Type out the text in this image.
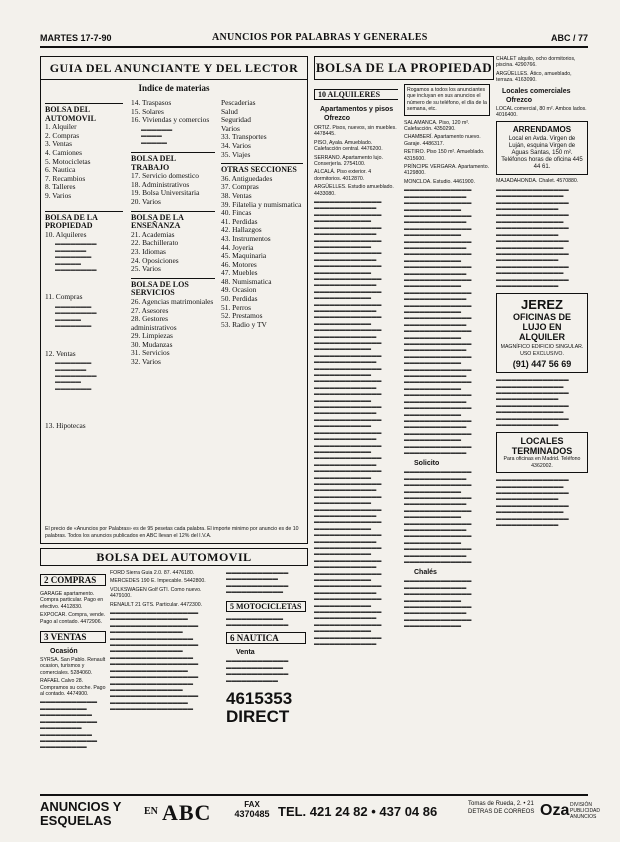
MARTES 17-7-90	ANUNCIOS POR PALABRAS Y GENERALES	ABC / 77
GUIA DEL ANUNCIANTE Y DEL LECTOR
Indice de materias
BOLSA DEL AUTOMOVIL
1. Alquiler
2. Compras
3. Ventas
4. Camiones
5. Motocicletas
6. Nautica
7. Recambios
8. Talleres
9. Varios
BOLSA DE LA PROPIEDAD
10. Alquileres
▬▬▬▬▬▬▬▬
▬▬▬▬▬▬
▬▬▬▬▬▬▬
▬▬▬▬▬
▬▬▬▬▬▬▬▬
11. Compras
▬▬▬▬▬▬▬
▬▬▬▬▬▬▬▬
▬▬▬▬▬
▬▬▬▬▬▬▬
12. Ventas
▬▬▬▬▬▬▬
▬▬▬▬▬▬
▬▬▬▬▬▬▬▬
▬▬▬▬▬
▬▬▬▬▬▬▬
13. Hipotecas
14. Traspasos
15. Solares
16. Viviendas y comercios
▬▬▬▬▬▬
▬▬▬▬
▬▬▬▬▬
BOLSA DEL TRABAJO
17. Servicio domestico
18. Administrativos
19. Bolsa Universitaria
20. Varios
BOLSA DE LA ENSEÑANZA
21. Academias
22. Bachillerato
23. Idiomas
24. Oposiciones
25. Varios
BOLSA DE LOS SERVICIOS
26. Agencias matrimoniales
27. Asesores
28. Gestores administrativos
29. Limpiezas
30. Mudanzas
31. Servicios
32. Varios
Pescaderias
Salud
Seguridad
Varios
33. Transportes
34. Varios
35. Viajes
OTRAS SECCIONES
36. Antiguedades
37. Compras
38. Ventas
39. Filatelia y numismatica
40. Fincas
41. Perdidas
42. Hallazgos
43. Instrumentos
44. Joyeria
45. Maquinaria
46. Motores
47. Muebles
48. Numismatica
49. Ocasion
50. Perdidas
51. Perros
52. Prestamos
53. Radio y TV
El precio de «Anuncios por Palabras» es de 95 pesetas cada palabra. El importe minimo por anuncio es de 10 palabras. Todos los anuncios publicados en ABC llevan el 12% del I.V.A.
BOLSA DEL AUTOMOVIL
2 COMPRAS
GARAGE apartamento. Compra particular. Pago en efectivo. 4412830.
EXPOCAR. Compra, vende. Pago al contado. 4472906.
3 VENTAS
Ocasión
SYRSA. San Pablo. Renault ocasion, turismos y comerciales. 5284060.
RAFAEL Calvo 28. Compramos su coche. Pago al contado. 4474900.
▬▬▬▬▬▬▬▬▬▬▬
▬▬▬▬▬▬▬▬▬
▬▬▬▬▬▬▬▬▬▬
▬▬▬▬▬▬▬▬▬▬▬
▬▬▬▬▬▬▬▬
▬▬▬▬▬▬▬▬▬▬
▬▬▬▬▬▬▬▬▬▬▬
▬▬▬▬▬▬▬▬▬
FORD Sierra Guia 2.0. 87. 4476180.
MERCEDES 190 E. Impecable. 5442800.
VOLKSWAGEN Golf GTI. Como nuevo. 4479100.
RENAULT 21 GTS. Particular. 4472300.
▬▬▬▬▬▬▬▬▬▬▬▬▬▬▬▬▬
▬▬▬▬▬▬▬▬▬▬▬▬▬▬▬
▬▬▬▬▬▬▬▬▬▬▬▬▬▬▬▬▬
▬▬▬▬▬▬▬▬▬▬▬▬▬▬
▬▬▬▬▬▬▬▬▬▬▬▬▬▬▬▬
▬▬▬▬▬▬▬▬▬▬▬▬▬▬▬▬▬
▬▬▬▬▬▬▬▬▬▬▬▬▬▬
▬▬▬▬▬▬▬▬▬▬▬▬▬▬▬▬
▬▬▬▬▬▬▬▬▬▬▬▬▬▬▬▬▬
▬▬▬▬▬▬▬▬▬▬▬▬▬▬▬
▬▬▬▬▬▬▬▬▬▬▬▬▬▬▬▬▬
▬▬▬▬▬▬▬▬▬▬▬▬▬▬▬▬
▬▬▬▬▬▬▬▬▬▬▬▬▬▬
▬▬▬▬▬▬▬▬▬▬▬▬▬▬▬▬▬
▬▬▬▬▬▬▬▬▬▬▬▬▬▬▬
▬▬▬▬▬▬▬▬▬▬▬▬▬▬▬▬
▬▬▬▬▬▬▬▬▬▬▬▬
▬▬▬▬▬▬▬▬▬▬
▬▬▬▬▬▬▬▬▬▬▬▬
▬▬▬▬▬▬▬▬▬▬▬
5 MOTOCICLETAS
▬▬▬▬▬▬▬▬▬▬▬
▬▬▬▬▬▬▬▬▬▬▬▬
6 NAUTICA
Venta
▬▬▬▬▬▬▬▬▬▬▬▬
▬▬▬▬▬▬▬▬▬▬▬
▬▬▬▬▬▬▬▬▬▬▬▬
▬▬▬▬▬▬▬▬▬▬
4615353
DIRECT
BOLSA DE LA PROPIEDAD
10 ALQUILERES
Apartamentos y pisos
Ofrezco
ORTIZ. Pisos, nuevos, sin muebles. 4478445.
PISO, Ayala. Amueblado. Calefacción central. 4476200.
SERRANO. Apartamento lujo. Conserjería. 2754100.
ALCALÁ. Piso exterior. 4 dormitorios. 4012870.
ARGÜELLES. Estudio amueblado. 4433080.
▬▬▬▬▬▬▬▬▬▬▬▬▬
▬▬▬▬▬▬▬▬▬▬▬▬
▬▬▬▬▬▬▬▬▬▬▬▬▬
▬▬▬▬▬▬▬▬▬▬▬
▬▬▬▬▬▬▬▬▬▬▬▬▬
▬▬▬▬▬▬▬▬▬▬▬▬
▬▬▬▬▬▬▬▬▬▬▬▬▬
▬▬▬▬▬▬▬▬▬▬▬
▬▬▬▬▬▬▬▬▬▬▬▬▬
▬▬▬▬▬▬▬▬▬▬▬▬
▬▬▬▬▬▬▬▬▬▬▬▬▬
▬▬▬▬▬▬▬▬▬▬▬
▬▬▬▬▬▬▬▬▬▬▬▬▬
▬▬▬▬▬▬▬▬▬▬▬▬
▬▬▬▬▬▬▬▬▬▬▬▬▬
▬▬▬▬▬▬▬▬▬▬▬
▬▬▬▬▬▬▬▬▬▬▬▬▬
▬▬▬▬▬▬▬▬▬▬▬▬
▬▬▬▬▬▬▬▬▬▬▬▬▬
▬▬▬▬▬▬▬▬▬▬▬
▬▬▬▬▬▬▬▬▬▬▬▬▬
▬▬▬▬▬▬▬▬▬▬▬▬
▬▬▬▬▬▬▬▬▬▬▬▬▬
▬▬▬▬▬▬▬▬▬▬▬
▬▬▬▬▬▬▬▬▬▬▬▬▬
▬▬▬▬▬▬▬▬▬▬▬▬
▬▬▬▬▬▬▬▬▬▬▬▬▬
▬▬▬▬▬▬▬▬▬▬▬
▬▬▬▬▬▬▬▬▬▬▬▬▬
▬▬▬▬▬▬▬▬▬▬▬▬
▬▬▬▬▬▬▬▬▬▬▬▬▬
▬▬▬▬▬▬▬▬▬▬▬
▬▬▬▬▬▬▬▬▬▬▬▬▬
▬▬▬▬▬▬▬▬▬▬▬▬
▬▬▬▬▬▬▬▬▬▬▬▬▬
▬▬▬▬▬▬▬▬▬▬▬
▬▬▬▬▬▬▬▬▬▬▬▬▬
▬▬▬▬▬▬▬▬▬▬▬▬
▬▬▬▬▬▬▬▬▬▬▬▬▬
▬▬▬▬▬▬▬▬▬▬▬
▬▬▬▬▬▬▬▬▬▬▬▬▬
▬▬▬▬▬▬▬▬▬▬▬▬
▬▬▬▬▬▬▬▬▬▬▬▬▬
▬▬▬▬▬▬▬▬▬▬▬
▬▬▬▬▬▬▬▬▬▬▬▬▬
▬▬▬▬▬▬▬▬▬▬▬▬
▬▬▬▬▬▬▬▬▬▬▬▬▬
▬▬▬▬▬▬▬▬▬▬▬
▬▬▬▬▬▬▬▬▬▬▬▬▬
▬▬▬▬▬▬▬▬▬▬▬▬
▬▬▬▬▬▬▬▬▬▬▬▬▬
▬▬▬▬▬▬▬▬▬▬▬
▬▬▬▬▬▬▬▬▬▬▬▬▬
▬▬▬▬▬▬▬▬▬▬▬▬
▬▬▬▬▬▬▬▬▬▬▬▬▬
▬▬▬▬▬▬▬▬▬▬▬
▬▬▬▬▬▬▬▬▬▬▬▬▬
▬▬▬▬▬▬▬▬▬▬▬▬
▬▬▬▬▬▬▬▬▬▬▬▬▬
▬▬▬▬▬▬▬▬▬▬▬
▬▬▬▬▬▬▬▬▬▬▬▬▬
▬▬▬▬▬▬▬▬▬▬▬▬
▬▬▬▬▬▬▬▬▬▬▬▬▬
▬▬▬▬▬▬▬▬▬▬▬
▬▬▬▬▬▬▬▬▬▬▬▬▬
▬▬▬▬▬▬▬▬▬▬▬▬
▬▬▬▬▬▬▬▬▬▬▬▬▬
▬▬▬▬▬▬▬▬▬▬▬
▬▬▬▬▬▬▬▬▬▬▬▬▬
▬▬▬▬▬▬▬▬▬▬▬▬
Rogamos a todos los anunciantes que incluyan en sus anuncios el número de su teléfono, el día de la semana, etc.
SALAMANCA. Piso, 120 m². Calefacción. 4350290.
CHAMBERÍ. Apartamento nuevo. Garaje. 4486317.
RETIRO. Piso 150 m². Amueblado. 4315600.
PRÍNCIPE VERGARA. Apartamento. 4129800.
MONCLOA. Estudio. 4461900.
▬▬▬▬▬▬▬▬▬▬▬▬▬
▬▬▬▬▬▬▬▬▬▬▬▬
▬▬▬▬▬▬▬▬▬▬▬▬▬
▬▬▬▬▬▬▬▬▬▬▬
▬▬▬▬▬▬▬▬▬▬▬▬▬
▬▬▬▬▬▬▬▬▬▬▬▬
▬▬▬▬▬▬▬▬▬▬▬▬▬
▬▬▬▬▬▬▬▬▬▬▬
▬▬▬▬▬▬▬▬▬▬▬▬▬
▬▬▬▬▬▬▬▬▬▬▬▬
▬▬▬▬▬▬▬▬▬▬▬▬▬
▬▬▬▬▬▬▬▬▬▬▬
▬▬▬▬▬▬▬▬▬▬▬▬▬
▬▬▬▬▬▬▬▬▬▬▬▬
▬▬▬▬▬▬▬▬▬▬▬▬▬
▬▬▬▬▬▬▬▬▬▬▬
▬▬▬▬▬▬▬▬▬▬▬▬▬
▬▬▬▬▬▬▬▬▬▬▬▬
▬▬▬▬▬▬▬▬▬▬▬▬▬
▬▬▬▬▬▬▬▬▬▬▬
▬▬▬▬▬▬▬▬▬▬▬▬▬
▬▬▬▬▬▬▬▬▬▬▬▬
▬▬▬▬▬▬▬▬▬▬▬▬▬
▬▬▬▬▬▬▬▬▬▬▬
▬▬▬▬▬▬▬▬▬▬▬▬▬
▬▬▬▬▬▬▬▬▬▬▬▬
▬▬▬▬▬▬▬▬▬▬▬▬▬
▬▬▬▬▬▬▬▬▬▬▬
▬▬▬▬▬▬▬▬▬▬▬▬▬
▬▬▬▬▬▬▬▬▬▬▬▬
▬▬▬▬▬▬▬▬▬▬▬▬▬
▬▬▬▬▬▬▬▬▬▬▬
▬▬▬▬▬▬▬▬▬▬▬▬▬
▬▬▬▬▬▬▬▬▬▬▬▬
▬▬▬▬▬▬▬▬▬▬▬▬▬
▬▬▬▬▬▬▬▬▬▬▬
▬▬▬▬▬▬▬▬▬▬▬▬▬
▬▬▬▬▬▬▬▬▬▬▬▬
▬▬▬▬▬▬▬▬▬▬▬▬▬
▬▬▬▬▬▬▬▬▬▬▬
▬▬▬▬▬▬▬▬▬▬▬▬▬
▬▬▬▬▬▬▬▬▬▬▬▬
Solicito
▬▬▬▬▬▬▬▬▬▬▬▬▬
▬▬▬▬▬▬▬▬▬▬▬▬
▬▬▬▬▬▬▬▬▬▬▬▬▬
▬▬▬▬▬▬▬▬▬▬▬
▬▬▬▬▬▬▬▬▬▬▬▬▬
▬▬▬▬▬▬▬▬▬▬▬▬
▬▬▬▬▬▬▬▬▬▬▬▬▬
▬▬▬▬▬▬▬▬▬▬▬
▬▬▬▬▬▬▬▬▬▬▬▬▬
▬▬▬▬▬▬▬▬▬▬▬▬
▬▬▬▬▬▬▬▬▬▬▬▬▬
▬▬▬▬▬▬▬▬▬▬▬
▬▬▬▬▬▬▬▬▬▬▬▬▬
▬▬▬▬▬▬▬▬▬▬▬▬
▬▬▬▬▬▬▬▬▬▬▬▬▬
Chalés
▬▬▬▬▬▬▬▬▬▬▬▬▬
▬▬▬▬▬▬▬▬▬▬▬▬
▬▬▬▬▬▬▬▬▬▬▬▬▬
▬▬▬▬▬▬▬▬▬▬▬
▬▬▬▬▬▬▬▬▬▬▬▬▬
▬▬▬▬▬▬▬▬▬▬▬▬
▬▬▬▬▬▬▬▬▬▬▬▬▬
▬▬▬▬▬▬▬▬▬▬▬
CHALET alquilo, ocho dormitorios, piscina. 4290766.
ARGÜELLES. Ático, amueblado, terraza. 4163090.
Locales comerciales
Ofrezco
LOCAL comercial, 80 m². Ambos lados. 4016400.
ARRENDAMOS
Local en Avda. Virgen de Luján, esquina Virgen de Aguas Santas, 150 m². Teléfonos horas de oficina 445 44 61.
MAJADAHONDA. Chalet. 4570880.
▬▬▬▬▬▬▬▬▬▬▬▬▬▬
▬▬▬▬▬▬▬▬▬▬▬▬▬
▬▬▬▬▬▬▬▬▬▬▬▬▬▬
▬▬▬▬▬▬▬▬▬▬▬▬
▬▬▬▬▬▬▬▬▬▬▬▬▬▬
▬▬▬▬▬▬▬▬▬▬▬▬▬
▬▬▬▬▬▬▬▬▬▬▬▬▬▬
▬▬▬▬▬▬▬▬▬▬▬▬
▬▬▬▬▬▬▬▬▬▬▬▬▬▬
▬▬▬▬▬▬▬▬▬▬▬▬▬
▬▬▬▬▬▬▬▬▬▬▬▬▬▬
▬▬▬▬▬▬▬▬▬▬▬▬
▬▬▬▬▬▬▬▬▬▬▬▬▬▬
▬▬▬▬▬▬▬▬▬▬▬▬▬
▬▬▬▬▬▬▬▬▬▬▬▬▬▬
▬▬▬▬▬▬▬▬▬▬▬▬
JEREZ
OFICINAS DE LUJO EN ALQUILER
MAGNÍFICO EDIFICIO SINGULAR. USO EXCLUSIVO.
(91) 447 56 69
▬▬▬▬▬▬▬▬▬▬▬▬▬▬
▬▬▬▬▬▬▬▬▬▬▬▬▬
▬▬▬▬▬▬▬▬▬▬▬▬▬▬
▬▬▬▬▬▬▬▬▬▬▬▬
▬▬▬▬▬▬▬▬▬▬▬▬▬▬
▬▬▬▬▬▬▬▬▬▬▬▬▬
▬▬▬▬▬▬▬▬▬▬▬▬▬▬
▬▬▬▬▬▬▬▬▬▬▬▬
LOCALES TERMINADOS
Para oficinas en Madrid. Teléfono 4362002.
▬▬▬▬▬▬▬▬▬▬▬▬▬▬
▬▬▬▬▬▬▬▬▬▬▬▬▬
▬▬▬▬▬▬▬▬▬▬▬▬▬▬
▬▬▬▬▬▬▬▬▬▬▬▬
▬▬▬▬▬▬▬▬▬▬▬▬▬▬
▬▬▬▬▬▬▬▬▬▬▬▬▬
▬▬▬▬▬▬▬▬▬▬▬▬▬▬
▬▬▬▬▬▬▬▬▬▬▬▬
ANUNCIOS Y ESQUELAS
EN ABC	FAX
4370485 TEL. 421 24 82 • 437 04 86	Tomas de Rueda, 2. • 21 DETRAS DE CORREOS Oza DIVISIÓN PUBLICIDAD ANUNCIOS
